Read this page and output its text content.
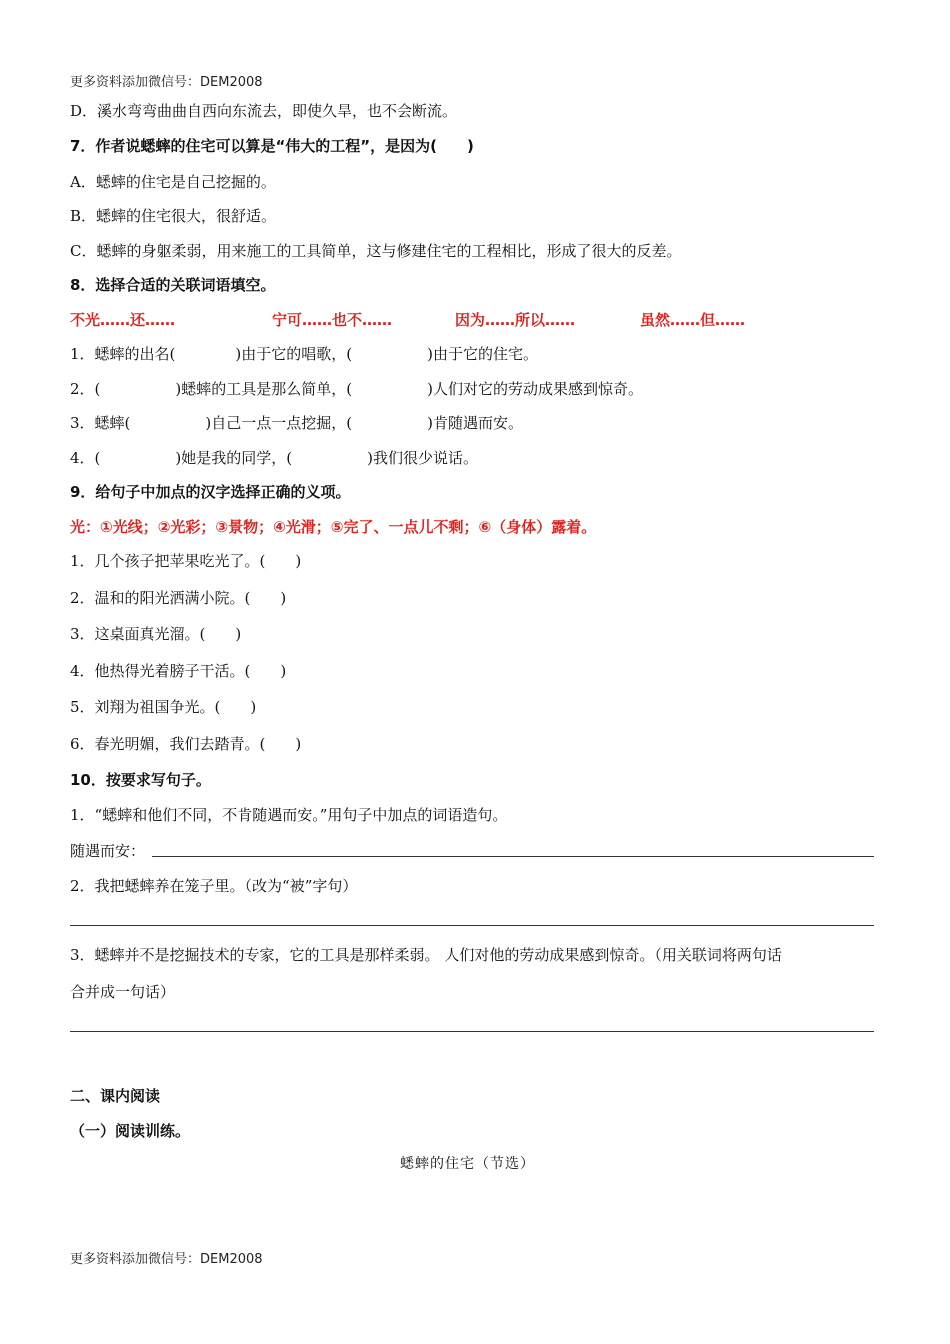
更多资料添加微信号：DEM2008
D．溪水弯弯曲曲自西向东流去，即使久旱，也不会断流。
7．作者说蟋蟀的住宅可以算是“伟大的工程”，是因为(　　)
A．蟋蟀的住宅是自己挖掘的。
B．蟋蟀的住宅很大，很舒适。
C．蟋蟀的身躯柔弱，用来施工的工具简单，这与修建住宅的工程相比，形成了很大的反差。
8．选择合适的关联词语填空。
不光……还……	宁可……也不……	因为……所以……	虽然……但……
1．蟋蟀的出名(　　　　)由于它的唱歌，(　　　　　)由于它的住宅。
2．(　　　　　)蟋蟀的工具是那么简单，(　　　　　)人们对它的劳动成果感到惊奇。
3．蟋蟀(　　　　　)自己一点一点挖掘，(　　　　　)肯随遇而安。
4．(　　　　　)她是我的同学，(　　　　　)我们很少说话。
9．给句子中加点的汉字选择正确的义项。
光：①光线；②光彩；③景物；④光滑；⑤完了、一点儿不剩；⑥（身体）露着。
1．几个孩子把苹果吃光了。(　　)
2．温和的阳光洒满小院。(　　)
3．这桌面真光溜。(　　)
4．他热得光着膀子干活。(　　)
5．刘翔为祖国争光。(　　)
6．春光明媚，我们去踏青。(　　)
10．按要求写句子。
1．“蟋蟀和他们不同，不肯随遇而安。”用句子中加点的词语造句。
随遇而安：
2．我把蟋蟀养在笼子里。（改为“被”字句）
3．蟋蟀并不是挖掘技术的专家，它的工具是那样柔弱。 人们对他的劳动成果感到惊奇。（用关联词将两句话
合并成一句话）
二、课内阅读
（一）阅读训练。
蟋蟀的住宅（节选）
更多资料添加微信号：DEM2008
